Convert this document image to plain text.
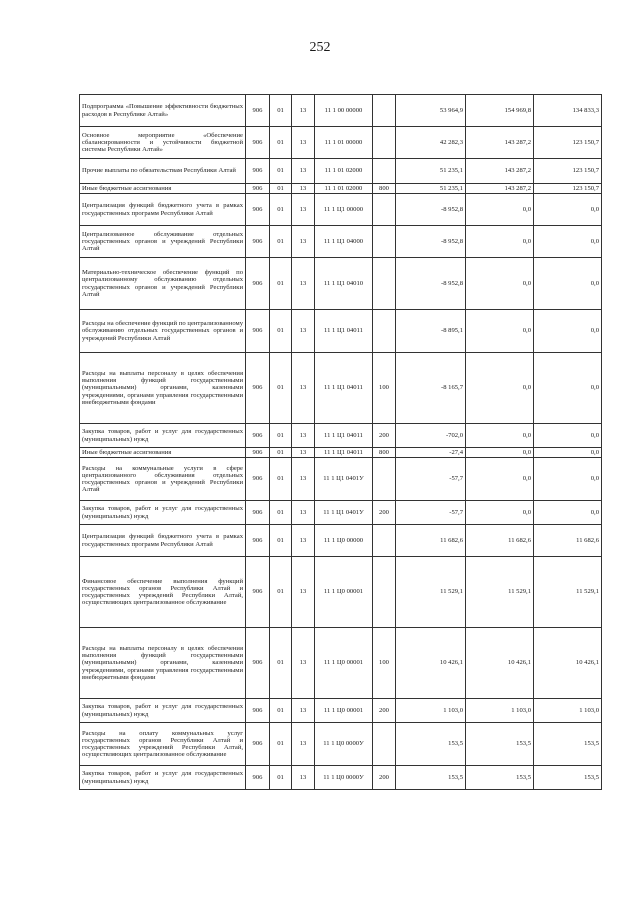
252
Подпрограмма «Повышение эффективности бюджетных расходов в Республике Алтай»	906	01	13	11 1 00 00000		53 964,9	154 969,8	134 833,3
Основное мероприятие «Обеспечение сбалансированности и устойчивости бюджетной системы Республики Алтай»	906	01	13	11 1 01 00000		42 282,3	143 287,2	123 150,7
Прочие выплаты по обязательствам Республики Алтай	906	01	13	11 1 01 02000		51 235,1	143 287,2	123 150,7
Иные бюджетные ассигнования	906	01	13	11 1 01 02000	800	51 235,1	143 287,2	123 150,7
Централизация функций бюджетного учета в рамках государственных программ Республики Алтай	906	01	13	11 1 Ц1 00000		-8 952,8	0,0	0,0
Централизованное обслуживание отдельных государственных органов и учреждений Республики Алтай	906	01	13	11 1 Ц1 04000		-8 952,8	0,0	0,0
Материально-техническое обеспечение функций по централизованному обслуживанию отдельных государственных органов и учреждений Республики Алтай	906	01	13	11 1 Ц1 04010		-8 952,8	0,0	0,0
Расходы на обеспечение функций по централизованному обслуживанию отдельных государственных органов и учреждений Республики Алтай	906	01	13	11 1 Ц1 04011		-8 895,1	0,0	0,0
Расходы на выплаты персоналу в целях обеспечения выполнения функций государственными (муниципальными) органами, казенными учреждениями, органами управления государственными внебюджетными фондами	906	01	13	11 1 Ц1 04011	100	-8 165,7	0,0	0,0
Закупка товаров, работ и услуг для государственных (муниципальных) нужд	906	01	13	11 1 Ц1 04011	200	-702,0	0,0	0,0
Иные бюджетные ассигнования	906	01	13	11 1 Ц1 04011	800	-27,4	0,0	0,0
Расходы на коммунальные услуги в сфере централизованного обслуживания отдельных государственных органов и учреждений Республики Алтай	906	01	13	11 1 Ц1 0401У		-57,7	0,0	0,0
Закупка товаров, работ и услуг для государственных (муниципальных) нужд	906	01	13	11 1 Ц1 0401У	200	-57,7	0,0	0,0
Централизация функций бюджетного учета в рамках государственных программ Республики Алтай	906	01	13	11 1 Ц0 00000		11 682,6	11 682,6	11 682,6
Финансовое обеспечение выполнения функций государственных органов Республики Алтай и государственных учреждений Республики Алтай, осуществляющих централизованное обслуживание	906	01	13	11 1 Ц0 00001		11 529,1	11 529,1	11 529,1
Расходы на выплаты персоналу в целях обеспечения выполнения функций государственными (муниципальными) органами, казенными учреждениями, органами управления государственными внебюджетными фондами	906	01	13	11 1 Ц0 00001	100	10 426,1	10 426,1	10 426,1
Закупка товаров, работ и услуг для государственных (муниципальных) нужд	906	01	13	11 1 Ц0 00001	200	1 103,0	1 103,0	1 103,0
Расходы на оплату коммунальных услуг государственных органов Республики Алтай и государственных учреждений Республики Алтай, осуществляющих централизованное обслуживание	906	01	13	11 1 Ц0 0000У		153,5	153,5	153,5
Закупка товаров, работ и услуг для государственных (муниципальных) нужд	906	01	13	11 1 Ц0 0000У	200	153,5	153,5	153,5
